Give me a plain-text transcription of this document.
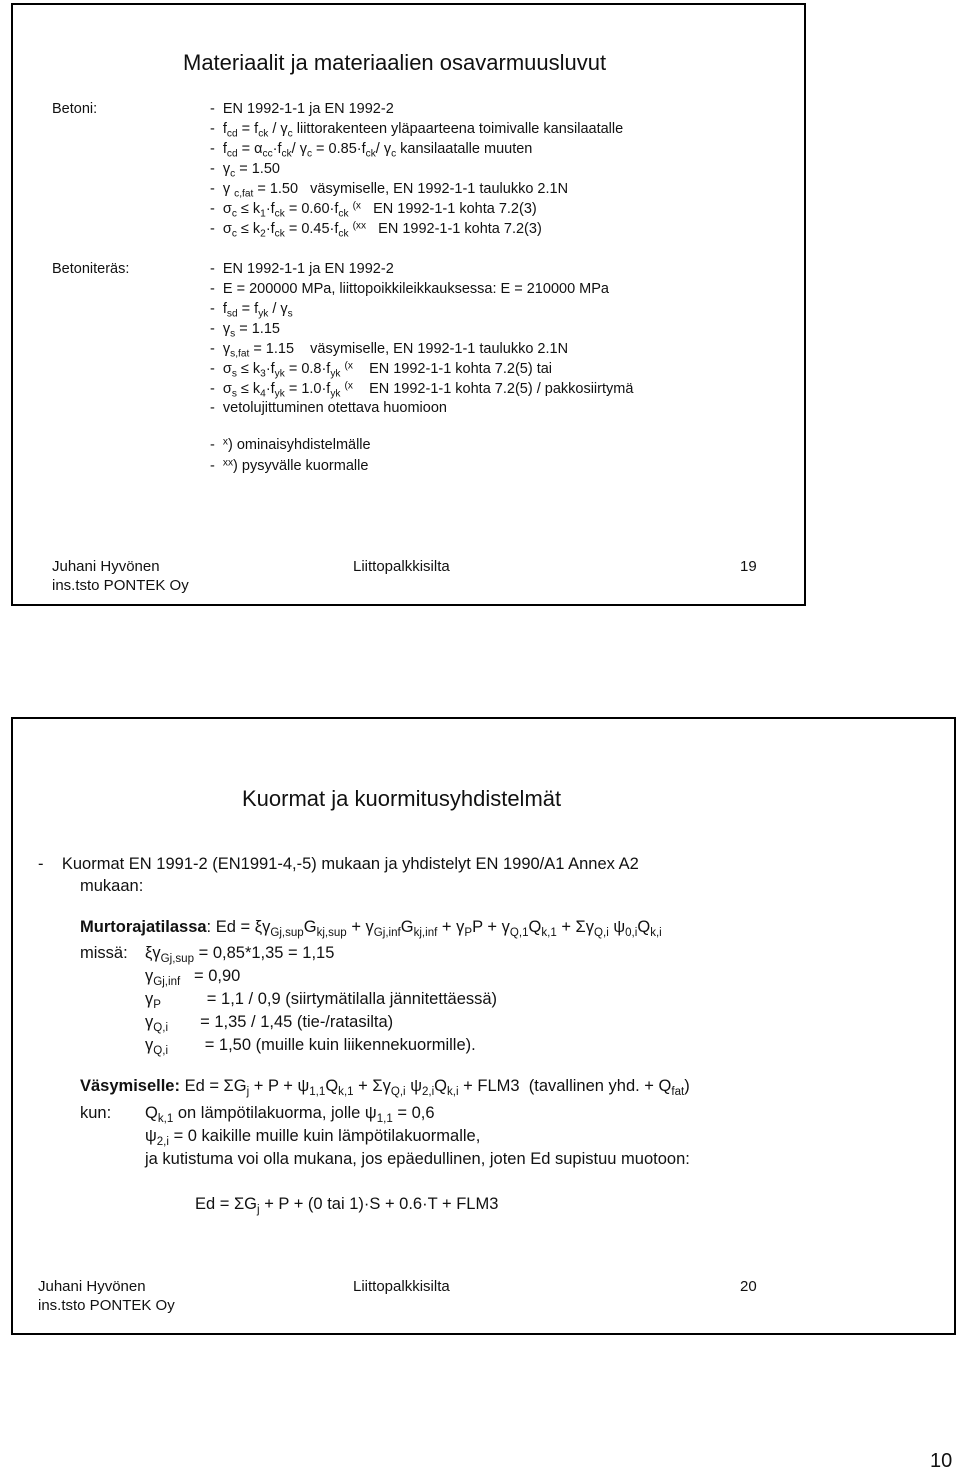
Materiaalit ja materiaalien osavarmuusluvut
Betoni:	-  EN 1992-1-1 ja EN 1992-2
-  $f_{cd} = f_{ck} / \gamma_c$ liittorakenteen yläpaarteena toimivalle kansilaatalle
-  $f_{cd} = \alpha_{cc}\cdot f_{ck}/$ $\gamma_c = 0.85\cdot f_{ck}/$ $\gamma_c$ kansilaatalle muuten
-  $\gamma_c = 1.50$
-  γ $_{c,fat}$ = 1.50 väsymiselle, EN 1992-1-1 taulukko 2.1N
-  $\sigma_c \le k_1\cdot f_{ck} = 0.60\cdot f_{ck}$ $^{(x}$ EN 1992-1-1 kohta 7.2(3)
-  $\sigma_c \le k_2\cdot f_{ck} = 0.45\cdot f_{ck}$ $^{(xx}$ EN 1992-1-1 kohta 7.2(3)
Betoniteräs:	-  EN 1992-1-1 ja EN 1992-2
-  E = 200000 MPa, liittopoikkileikkauksessa: E = 210000 MPa
-  $f_{sd} = f_{yk} / \gamma_s$
-  $\gamma_s = 1.15$
-  $\gamma_{s,fat} = 1.15$ väsymiselle, EN 1992-1-1 taulukko 2.1N
-  $\sigma_s \le k_3\cdot f_{yk} = 0.8\cdot f_{yk}$ $^{(x}$ EN 1992-1-1 kohta 7.2(5) tai
-  $\sigma_s \le k_4\cdot f_{yk} = 1.0\cdot f_{yk}$ $^{(x}$ EN 1992-1-1 kohta 7.2(5) / pakkosiirtymä
-  vetolujittuminen otettava huomioon
-  $^x$) ominaisyhdistelmälle
-  $^{xx}$) pysyvälle kuormalle
Juhani Hyvönen
ins.tsto PONTEK Oy
Liittopalkkisilta	19
Kuormat ja kuormitusyhdistelmät
-    Kuormat EN 1991-2 (EN1991-4,-5) mukaan ja yhdistelyt EN 1990/A1 Annex A2
mukaan:
Murtorajatilassa: $Ed = \xi\gamma_{Gj,sup}G_{kj,sup} + \gamma_{Gj,inf}G_{kj,inf} + \gamma_PP + \gamma_{Q,1}Q_{k,1} + \Sigma\gamma_{Q,i}$ $\psi_{0,i}Q_{k,i}$
missä: $\xi\gamma_{Gj,sup} = 0,85*1,35 = 1,15$
$\gamma_{Gj,inf} = 0,90$
$\gamma_P$	= 1,1 / 0,9 (siirtymätilalla jännitettäessä)
$\gamma_{Q,i} = 1,35 / 1,45$ (tie-/ratasilta)
$\gamma_{Q,i} = 1,50$ (muille kuin liikennekuormille).
Väsymiselle: $Ed = \Sigma G_j + P + \psi_{1,1}Q_{k,1} + \Sigma\gamma_{Q,i}$ $\psi_{2,i}Q_{k,i} + FLM3$  (tavallinen yhd. + $Q_{fat}$)
kun: $Q_{k,1}$ on lämpötilakuorma, jolle $\psi_{1,1} = 0,6$
$\psi_{2,i} = 0$ kaikille muille kuin lämpötilakuormalle,
ja kutistuma voi olla mukana, jos epäedullinen, joten Ed supistuu muotoon:
$Ed = \Sigma G_j + P + (0$ tai 1)·S + 0.6·T + FLM3
Juhani Hyvönen
ins.tsto PONTEK Oy
Liittopalkkisilta	20
10
